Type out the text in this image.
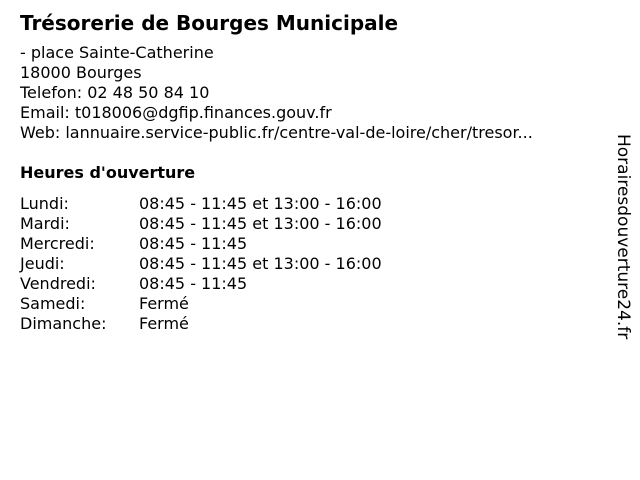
Trésorerie de Bourges Municipale
- place Sainte-Catherine
18000 Bourges
Telefon: 02 48 50 84 10
Email: t018006@dgfip.finances.gouv.fr
Web: lannuaire.service-public.fr/centre-val-de-loire/cher/tresor...
Heures d'ouverture
Lundi:	08:45 - 11:45 et 13:00 - 16:00
Mardi:	08:45 - 11:45 et 13:00 - 16:00
Mercredi:	08:45 - 11:45
Jeudi:	08:45 - 11:45 et 13:00 - 16:00
Vendredi:	08:45 - 11:45
Samedi:	Fermé
Dimanche: Fermé	Horairesdouverture24.fr
